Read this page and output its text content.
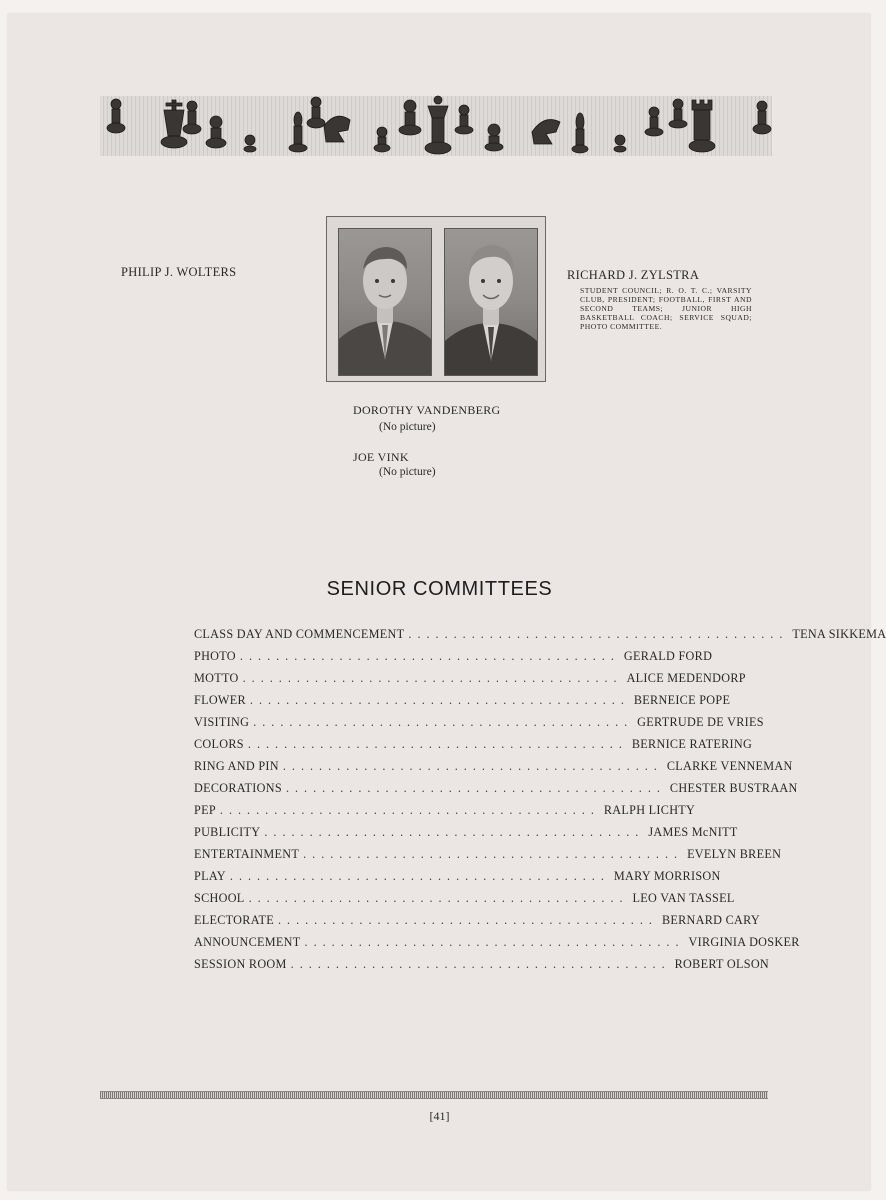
PHILIP J. WOLTERS	RICHARD J. ZYLSTRA
STUDENT COUNCIL; R. O. T. C.; VARSITY CLUB, PRESIDENT; FOOTBALL, FIRST AND SECOND TEAMS; JUNIOR HIGH BASKETBALL COACH; SERVICE SQUAD; PHOTO COMMITTEE.
DOROTHY VANDENBERG
(No picture)
JOE VINK
(No picture)
SENIOR COMMITTEES
CLASS DAY AND COMMENCEMENT .......................................... TENA SIKKEMA
PHOTO .......................................... GERALD FORD
MOTTO .......................................... ALICE MEDENDORP
FLOWER .......................................... BERNEICE POPE
VISITING .......................................... GERTRUDE DE VRIES
COLORS .......................................... BERNICE RATERING
RING AND PIN .......................................... CLARKE VENNEMAN
DECORATIONS .......................................... CHESTER BUSTRAAN
PEP .......................................... RALPH LICHTY
PUBLICITY .......................................... JAMES McNITT
ENTERTAINMENT .......................................... EVELYN BREEN
PLAY .......................................... MARY MORRISON
SCHOOL .......................................... LEO VAN TASSEL
ELECTORATE .......................................... BERNARD CARY
ANNOUNCEMENT .......................................... VIRGINIA DOSKER
SESSION ROOM .......................................... ROBERT OLSON
[41]
